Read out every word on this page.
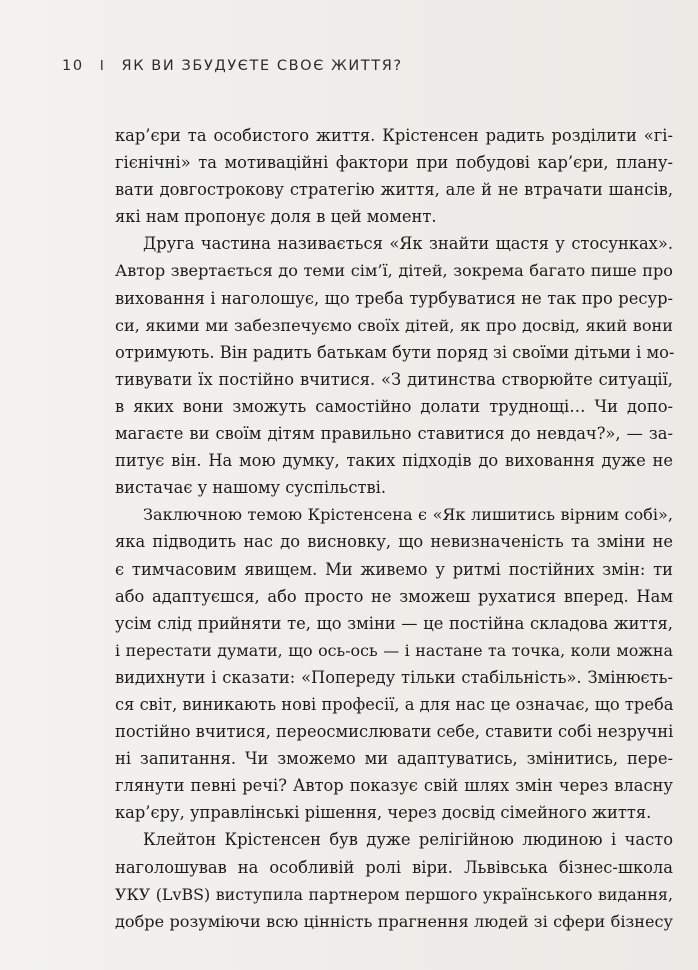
10 I ЯК ВИ ЗБУДУЄТЕ СВОЄ ЖИТТЯ?
кар’єри та особистого життя. Крістенсен радить розділити «гі-
гієнічні» та мотиваційні фактори при побудові кар’єри, плану-
вати довгострокову стратегію життя, але й не втрачати шансів,
які нам пропонує доля в цей момент.
Друга частина називається «Як знайти щастя у стосунках».
Автор звертається до теми сім’ї, дітей, зокрема багато пише про
виховання і наголошує, що треба турбуватися не так про ресур-
си, якими ми забезпечуємо своїх дітей, як про досвід, який вони
отримують. Він радить батькам бути поряд зі своїми дітьми і мо-
тивувати їх постійно вчитися. «З дитинства створюйте ситуації,
в яких вони зможуть самостійно долати труднощі… Чи допо-
магаєте ви своїм дітям правильно ставитися до невдач?», — за-
питує він. На мою думку, таких підходів до виховання дуже не
вистачає у нашому суспільстві.
Заключною темою Крістенсена є «Як лишитись вірним собі»,
яка підводить нас до висновку, що невизначеність та зміни не
є тимчасовим явищем. Ми живемо у ритмі постійних змін: ти
або адаптуєшся, або просто не зможеш рухатися вперед. Нам
усім слід прийняти те, що зміни — це постійна складова життя,
і перестати думати, що ось-ось — і настане та точка, коли можна
видихнути і сказати: «Попереду тільки стабільність». Змінюєть-
ся світ, виникають нові професії, а для нас це означає, що треба
постійно вчитися, переосмислювати себе, ставити собі незручні
ні запитання. Чи зможемо ми адаптуватись, змінитись, пере-
глянути певні речі? Автор показує свій шлях змін через власну
кар’єру, управлінські рішення, через досвід сімейного життя.
Клейтон Крістенсен був дуже релігійною людиною і часто
наголошував на особливій ролі віри. Львівська бізнес-школа
УКУ (LvBS) виступила партнером першого українського видання,
добре розуміючи всю цінність прагнення людей зі сфери бізнесу
